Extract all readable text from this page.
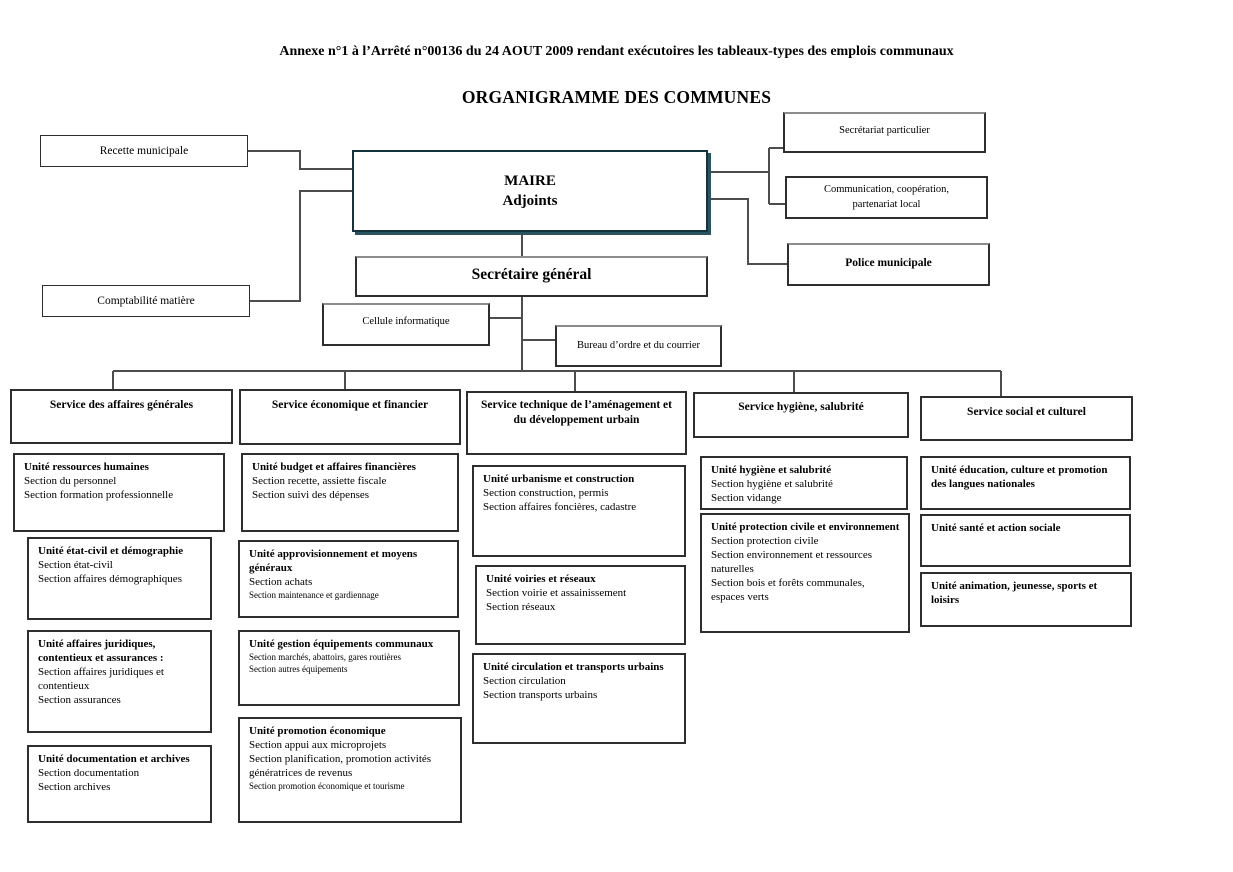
Annexe n°1 à l’Arrêté n°00136 du 24 AOUT 2009 rendant exécutoires les tableaux-types des emplois communaux
ORGANIGRAMME DES COMMUNES
Recette municipale
Comptabilité matière
MAIRE
Adjoints
Secrétariat particulier
Communication, coopération, partenariat local
Police municipale
Secrétaire général
Cellule informatique
Bureau d’ordre et du courrier
Service des affaires générales	Service économique et financier	Service technique de l’aménagement et du développement urbain
Service hygiène, salubrité	Service social et culturel
Unité ressources humaines
Section du personnel
Section formation professionnelle
Unité état-civil et démographie
Section état-civil
Section affaires démographiques
Unité affaires juridiques, contentieux et assurances :
Section affaires juridiques et contentieux
Section assurances
Unité documentation et archives
Section documentation
Section archives
Unité budget et affaires financières
Section recette, assiette fiscale
Section suivi des dépenses
Unité approvisionnement et moyens généraux
Section achats
Section maintenance et gardiennage
Unité gestion équipements communaux
Section marchés, abattoirs, gares routières
Section autres équipements
Unité promotion économique
Section appui aux microprojets
Section planification, promotion activités génératrices de revenus
Section promotion économique et tourisme
Unité urbanisme et construction
Section construction, permis
Section affaires foncières, cadastre
Unité voiries et réseaux
Section voirie et assainissement
Section réseaux
Unité circulation et transports urbains
Section circulation
Section transports urbains
Unité hygiène et salubrité
Section hygiène et salubrité
Section vidange
Unité protection civile et environnement
Section protection civile
Section environnement et ressources naturelles
Section bois et forêts communales, espaces verts
Unité éducation, culture et promotion des langues nationales
Unité santé et action sociale
Unité animation, jeunesse, sports et loisirs
